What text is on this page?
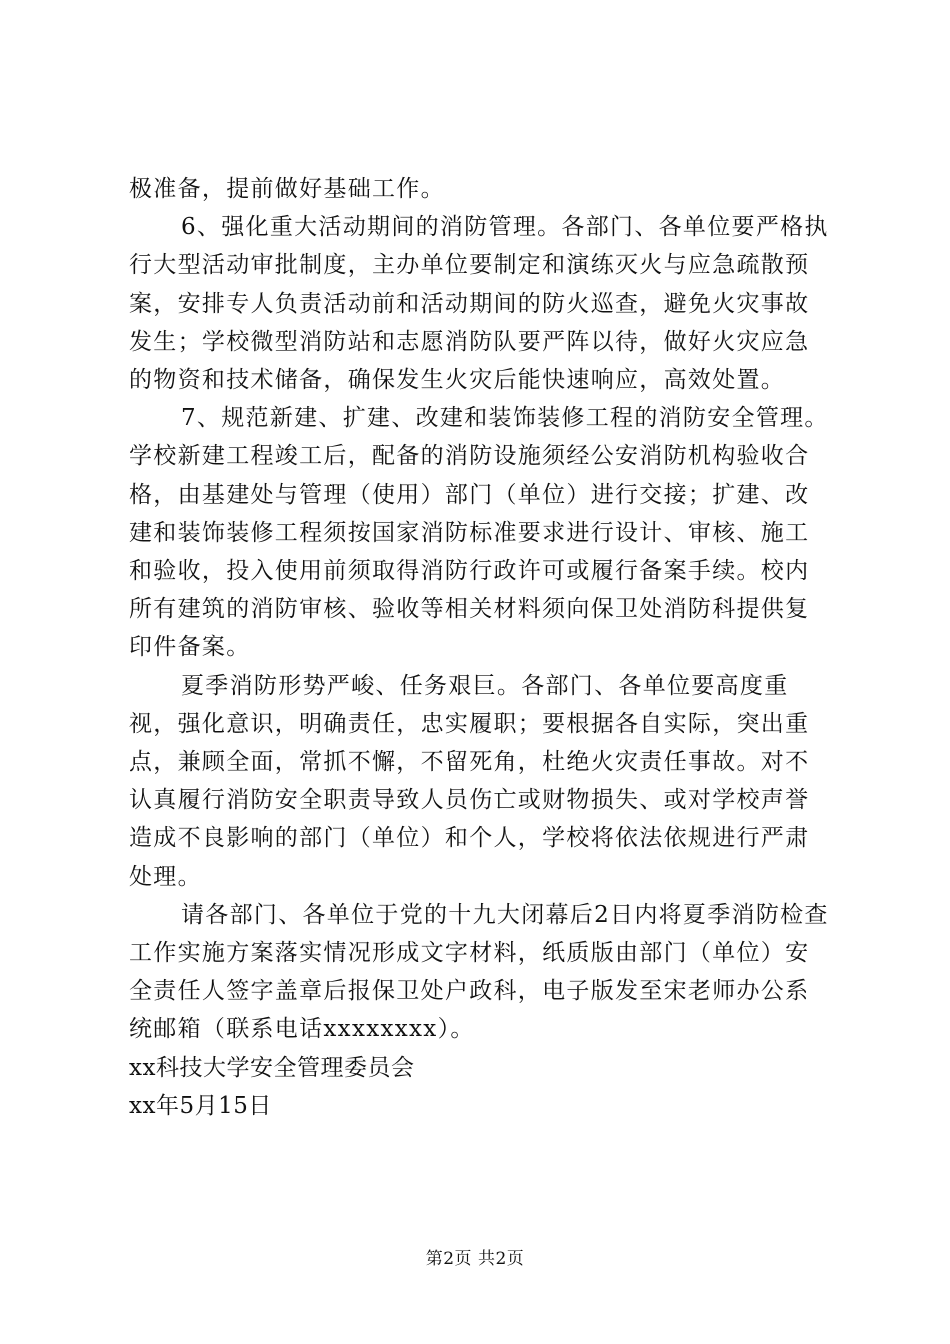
极准备，提前做好基础工作。

6、强化重大活动期间的消防管理。各部门、各单位要严格执行大型活动审批制度，主办单位要制定和演练灭火与应急疏散预案，安排专人负责活动前和活动期间的防火巡查，避免火灾事故发生；学校微型消防站和志愿消防队要严阵以待，做好火灾应急的物资和技术储备，确保发生火灾后能快速响应，高效处置。

7、规范新建、扩建、改建和装饰装修工程的消防安全管理。学校新建工程竣工后，配备的消防设施须经公安消防机构验收合格，由基建处与管理（使用）部门（单位）进行交接；扩建、改建和装饰装修工程须按国家消防标准要求进行设计、审核、施工和验收，投入使用前须取得消防行政许可或履行备案手续。校内所有建筑的消防审核、验收等相关材料须向保卫处消防科提供复印件备案。

夏季消防形势严峻、任务艰巨。各部门、各单位要高度重视，强化意识，明确责任，忠实履职；要根据各自实际，突出重点，兼顾全面，常抓不懈，不留死角，杜绝火灾责任事故。对不认真履行消防安全职责导致人员伤亡或财物损失、或对学校声誉造成不良影响的部门（单位）和个人，学校将依法依规进行严肃处理。

请各部门、各单位于党的十九大闭幕后2日内将夏季消防检查工作实施方案落实情况形成文字材料，纸质版由部门（单位）安全责任人签字盖章后报保卫处户政科，电子版发至宋老师办公系统邮箱（联系电话xxxxxxxx）。

xx科技大学安全管理委员会

xx年5月15日

第2页 共2页
